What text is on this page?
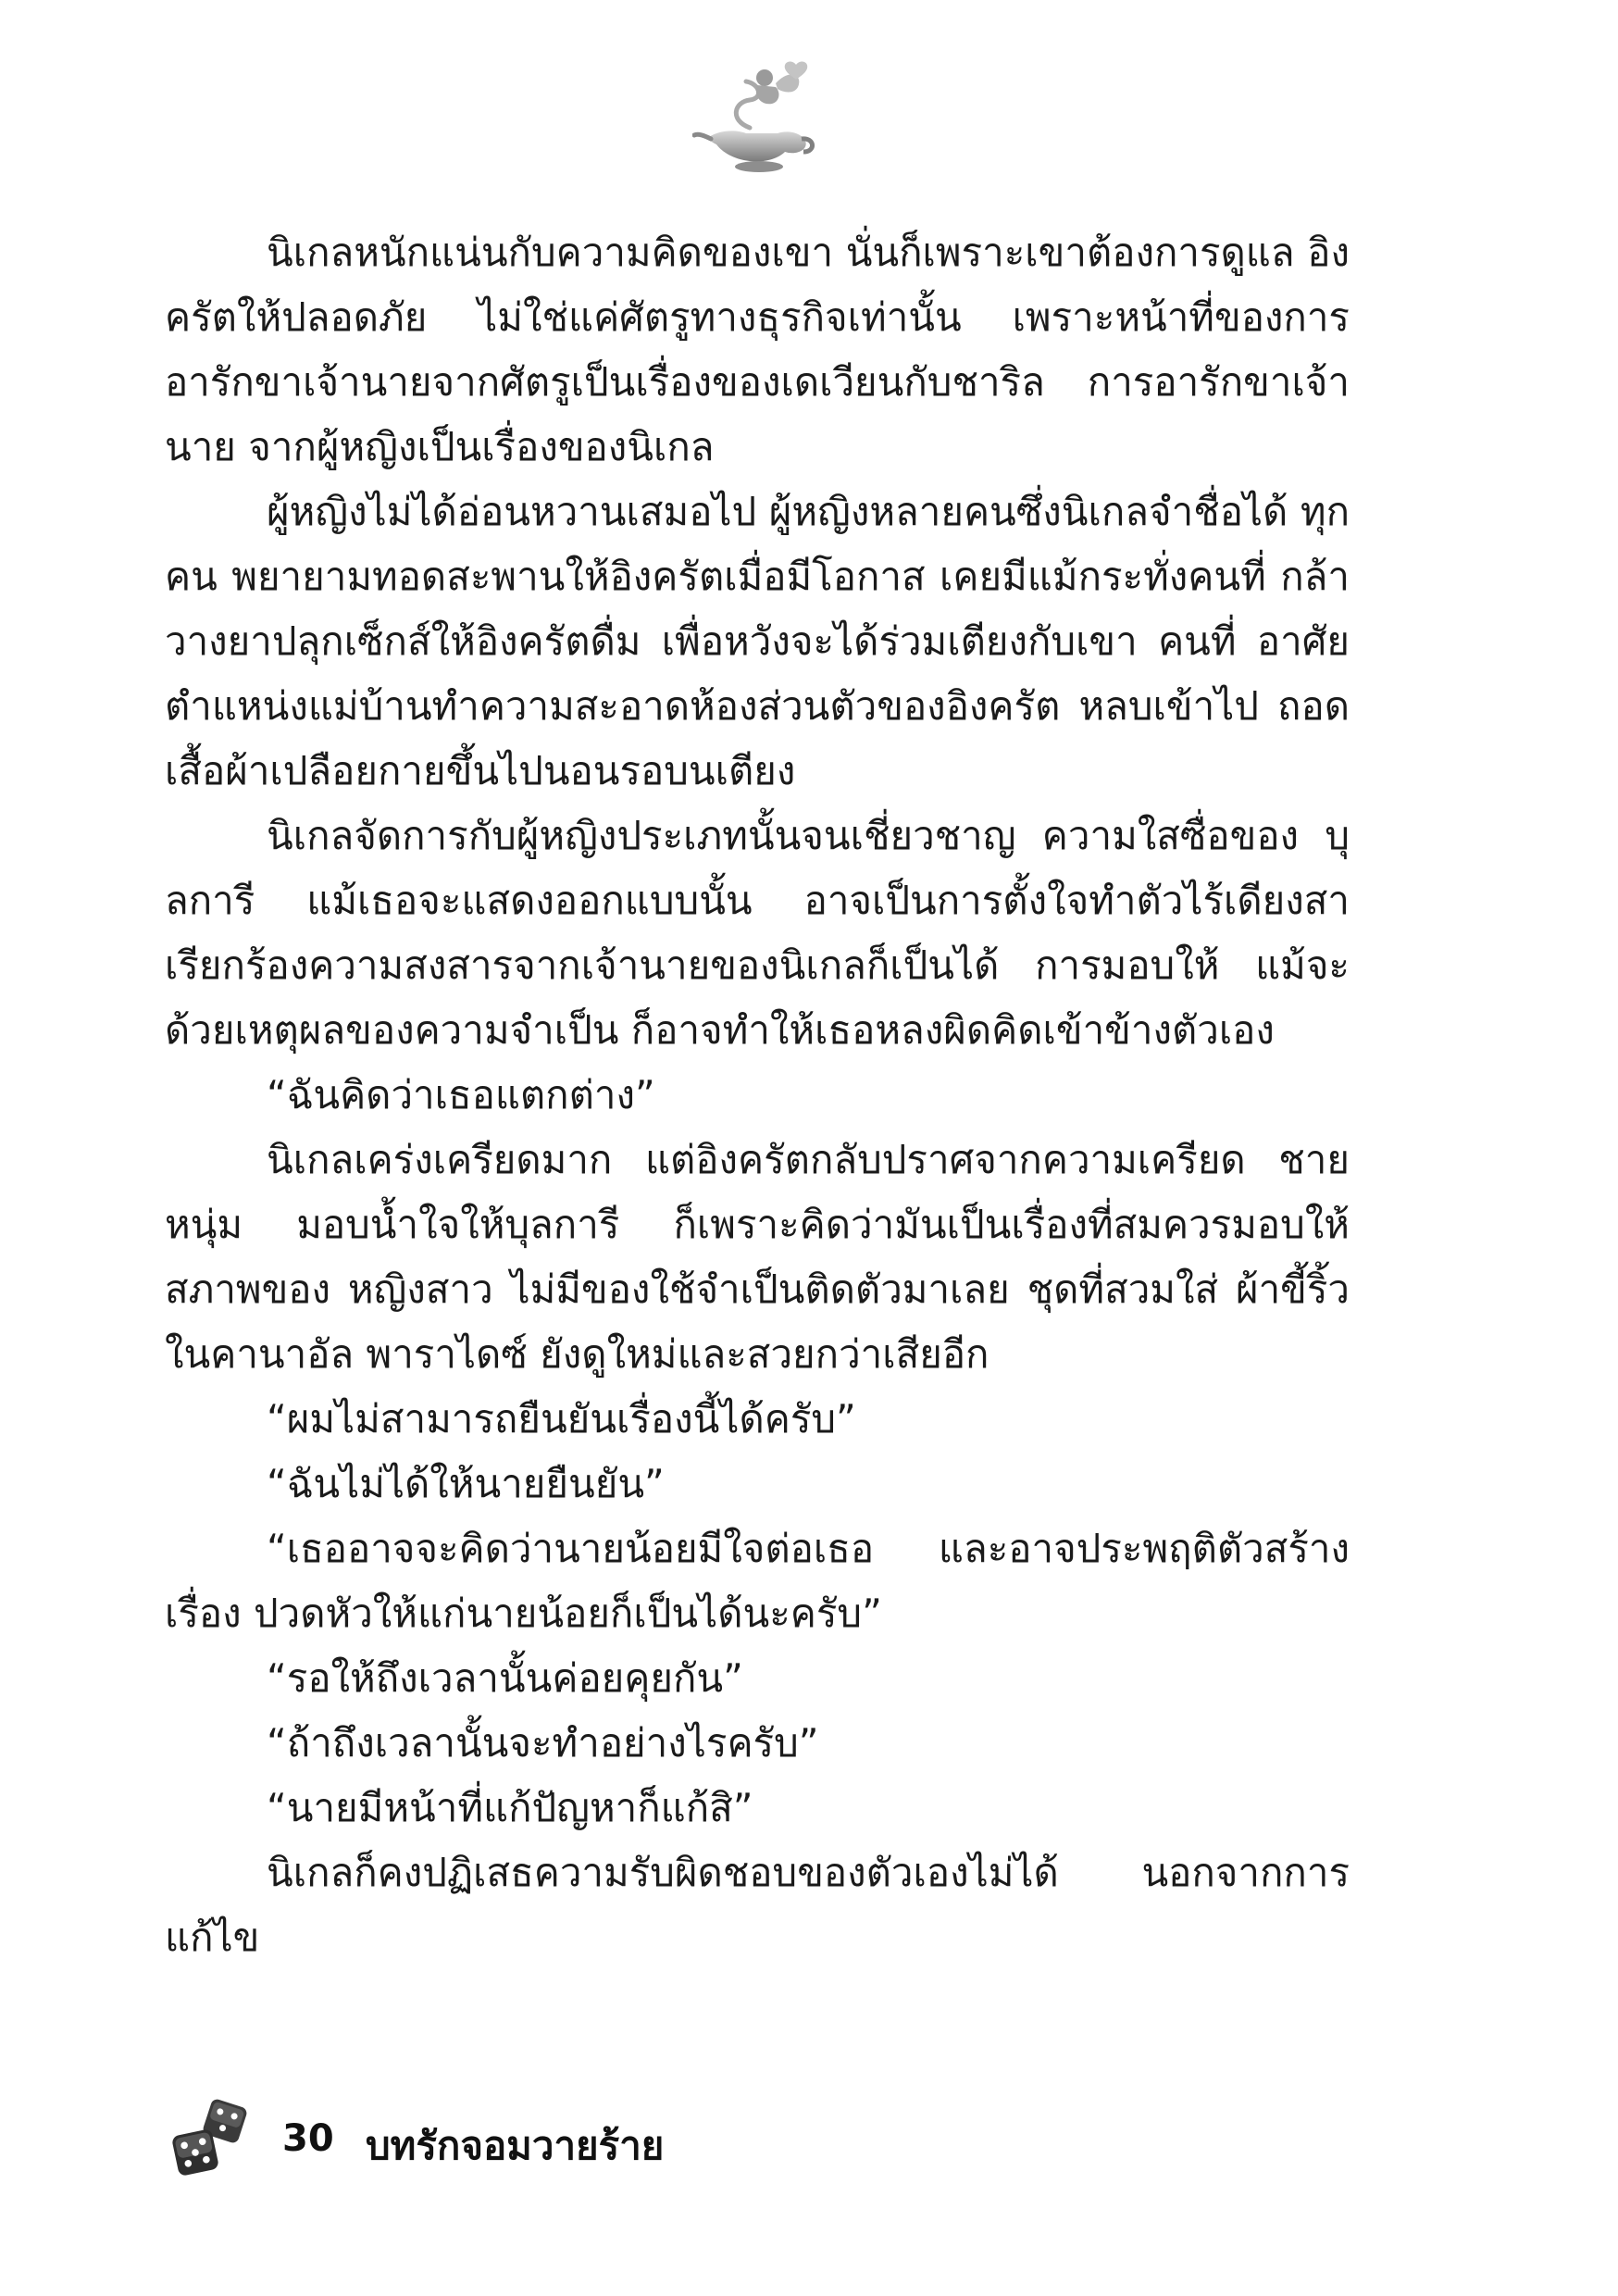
นิเกลหนักแน่นกับความคิดของเขา นั่นก็เพราะเขาต้องการดูแล อิงครัตให้ปลอดภัย ไม่ใช่แค่ศัตรูทางธุรกิจเท่านั้น เพราะหน้าที่ของการ อารักขาเจ้านายจากศัตรูเป็นเรื่องของเดเวียนกับชาริล การอารักขาเจ้านาย จากผู้หญิงเป็นเรื่องของนิเกล

ผู้หญิงไม่ได้อ่อนหวานเสมอไป ผู้หญิงหลายคนซึ่งนิเกลจำชื่อได้ ทุกคน พยายามทอดสะพานให้อิงครัตเมื่อมีโอกาส เคยมีแม้กระทั่งคนที่ กล้าวางยาปลุกเซ็กส์ให้อิงครัตดื่ม เพื่อหวังจะได้ร่วมเตียงกับเขา คนที่ อาศัยตำแหน่งแม่บ้านทำความสะอาดห้องส่วนตัวของอิงครัต หลบเข้าไป ถอดเสื้อผ้าเปลือยกายขึ้นไปนอนรอบนเตียง

นิเกลจัดการกับผู้หญิงประเภทนั้นจนเชี่ยวชาญ ความใสซื่อของ บุลการี แม้เธอจะแสดงออกแบบนั้น อาจเป็นการตั้งใจทำตัวไร้เดียงสา เรียกร้องความสงสารจากเจ้านายของนิเกลก็เป็นได้ การมอบให้ แม้จะ ด้วยเหตุผลของความจำเป็น ก็อาจทำให้เธอหลงผิดคิดเข้าข้างตัวเอง

“ฉันคิดว่าเธอแตกต่าง”

นิเกลเคร่งเครียดมาก แต่อิงครัตกลับปราศจากความเครียด ชายหนุ่ม มอบน้ำใจให้บุลการี ก็เพราะคิดว่ามันเป็นเรื่องที่สมควรมอบให้ สภาพของ หญิงสาว ไม่มีของใช้จำเป็นติดตัวมาเลย ชุดที่สวมใส่ ผ้าขี้ริ้วในคานาอัล พาราไดซ์ ยังดูใหม่และสวยกว่าเสียอีก

“ผมไม่สามารถยืนยันเรื่องนี้ได้ครับ”

“ฉันไม่ได้ให้นายยืนยัน”

“เธออาจจะคิดว่านายน้อยมีใจต่อเธอ และอาจประพฤติตัวสร้างเรื่อง ปวดหัวให้แก่นายน้อยก็เป็นได้นะครับ”

“รอให้ถึงเวลานั้นค่อยคุยกัน”

“ถ้าถึงเวลานั้นจะทำอย่างไรครับ”

“นายมีหน้าที่แก้ปัญหาก็แก้สิ”

นิเกลก็คงปฏิเสธความรับผิดชอบของตัวเองไม่ได้ นอกจากการแก้ไข

30 บทรักจอมวายร้าย
